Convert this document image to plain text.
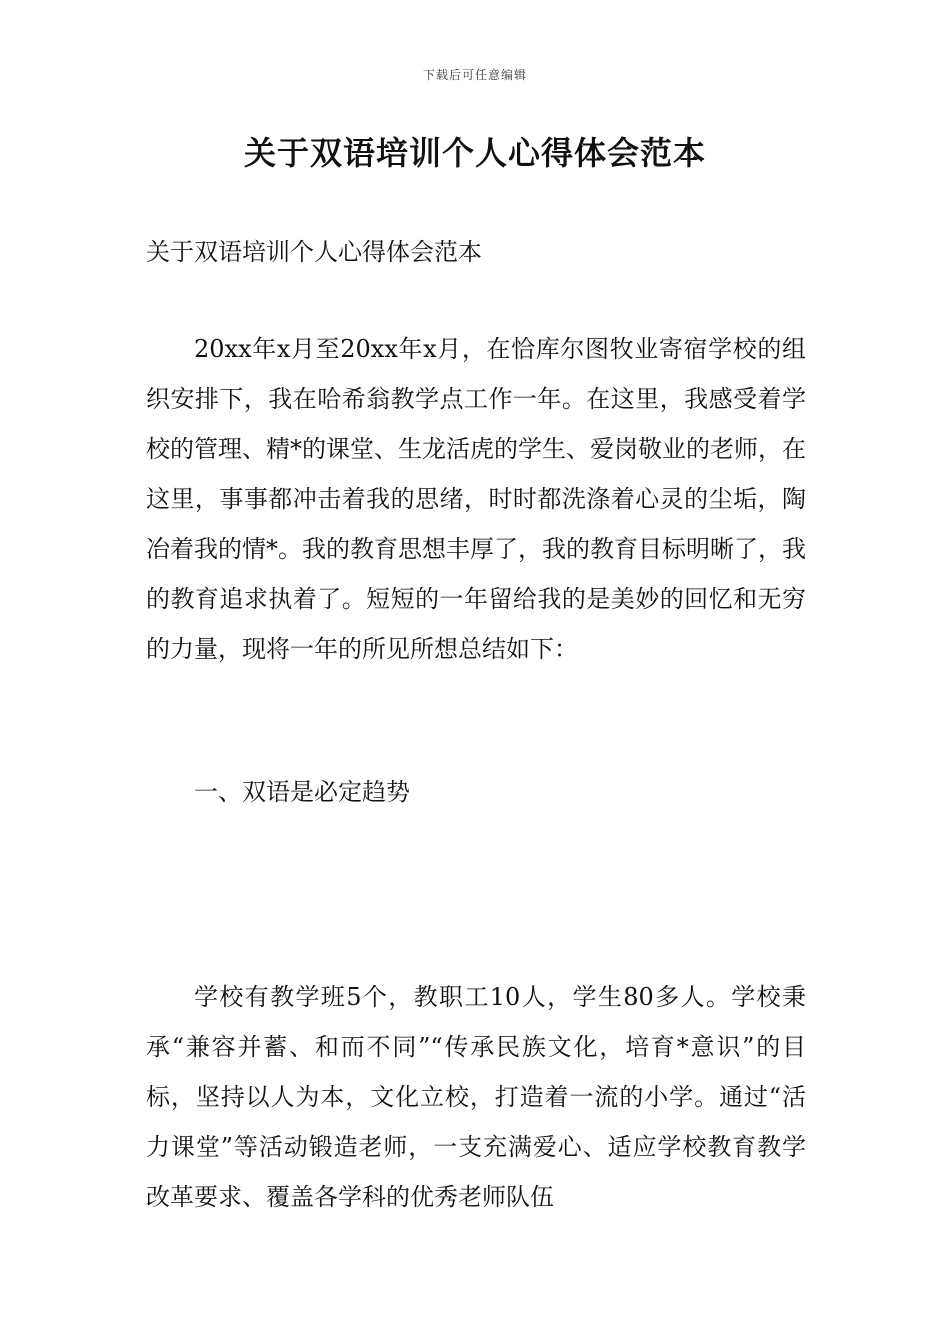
下载后可任意编辑
关于双语培训个人心得体会范本
关于双语培训个人心得体会范本

20xx年x月至20xx年x月，在恰库尔图牧业寄宿学校的组织安排下，我在哈希翁教学点工作一年。在这里，我感受着学校的管理、精*的课堂、生龙活虎的学生、爱岗敬业的老师，在这里，事事都冲击着我的思绪，时时都洗涤着心灵的尘垢，陶冶着我的情*。我的教育思想丰厚了，我的教育目标明晰了，我的教育追求执着了。短短的一年留给我的是美妙的回忆和无穷的力量，现将一年的所见所想总结如下：

一、双语是必定趋势

学校有教学班5个，教职工10人，学生80多人。学校秉承“兼容并蓄、和而不同”“传承民族文化，培育*意识”的目标，坚持以人为本，文化立校，打造着一流的小学。通过“活力课堂”等活动锻造老师，一支充满爱心、适应学校教育教学改革要求、覆盖各学科的优秀老师队伍
